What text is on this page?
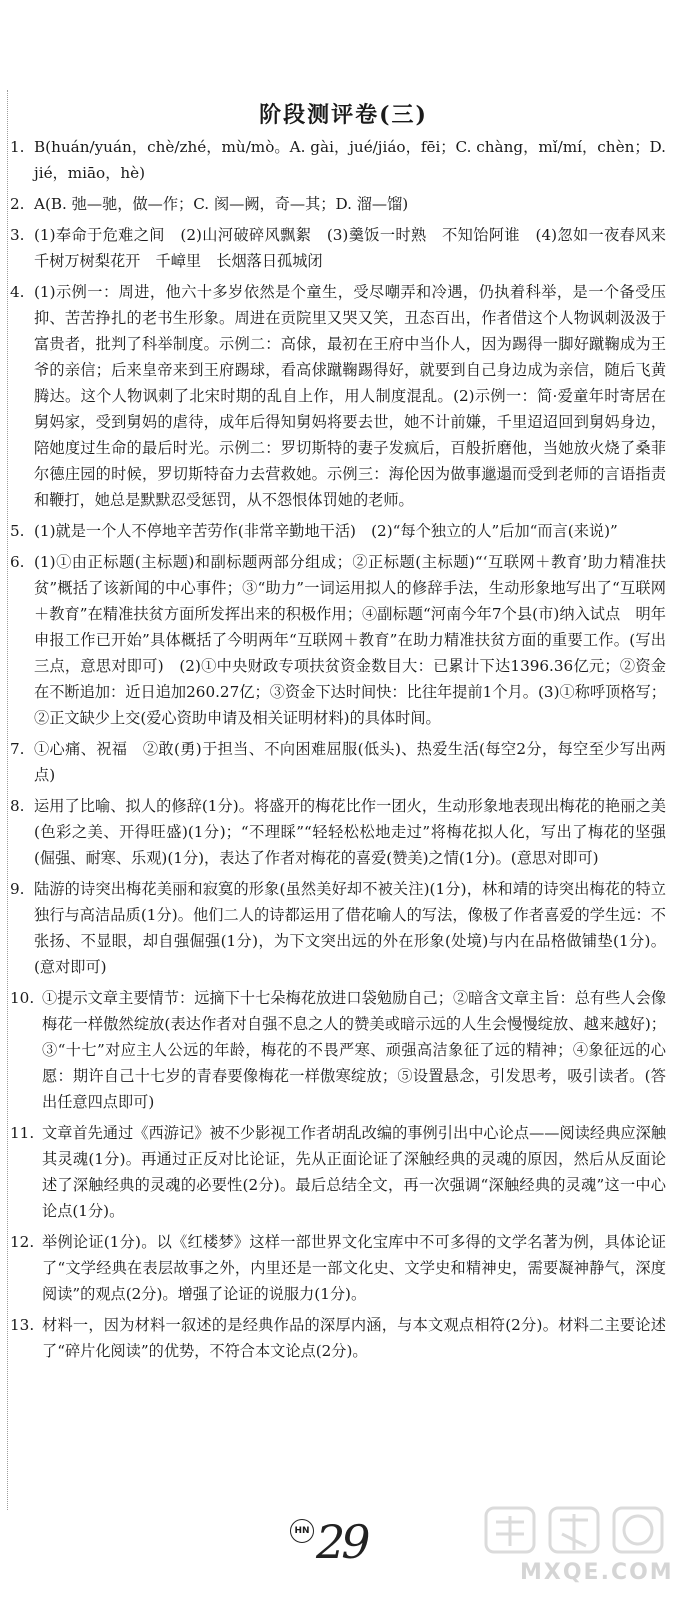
阶段测评卷(三)
1. B(huán/yuán，chè/zhé，mù/mò。A. gài，jué/jiáo，fēi；C. chàng，mǐ/mí，chèn；D. jié，miāo，hè)
2. A(B. 弛—驰，做—作；C. 阂—阙，奇—其；D. 溜—馏)
3. (1)奉命于危难之间　(2)山河破碎风飘絮　(3)羹饭一时熟　不知饴阿谁　(4)忽如一夜春风来　千树万树梨花开　千嶂里　长烟落日孤城闭
4. (1)示例一：周进，他六十多岁依然是个童生，受尽嘲弄和冷遇，仍执着科举，是一个备受压抑、苦苦挣扎的老书生形象。周进在贡院里又哭又笑，丑态百出，作者借这个人物讽刺汲汲于富贵者，批判了科举制度。示例二：高俅，最初在王府中当仆人，因为踢得一脚好蹴鞠成为王爷的亲信；后来皇帝来到王府踢球，看高俅蹴鞠踢得好，就要到自己身边成为亲信，随后飞黄腾达。这个人物讽刺了北宋时期的乱自上作，用人制度混乱。(2)示例一：简·爱童年时寄居在舅妈家，受到舅妈的虐待，成年后得知舅妈将要去世，她不计前嫌，千里迢迢回到舅妈身边，陪她度过生命的最后时光。示例二：罗切斯特的妻子发疯后，百般折磨他，当她放火烧了桑菲尔德庄园的时候，罗切斯特奋力去营救她。示例三：海伦因为做事邋遢而受到老师的言语指责和鞭打，她总是默默忍受惩罚，从不怨恨体罚她的老师。
5. (1)就是一个人不停地辛苦劳作(非常辛勤地干活)　(2)“每个独立的人”后加“而言(来说)”
6. (1)①由正标题(主标题)和副标题两部分组成；②正标题(主标题)“‘互联网＋教育’助力精准扶贫”概括了该新闻的中心事件；③“助力”一词运用拟人的修辞手法，生动形象地写出了“互联网＋教育”在精准扶贫方面所发挥出来的积极作用；④副标题“河南今年7个县(市)纳入试点　明年申报工作已开始”具体概括了今明两年“互联网＋教育”在助力精准扶贫方面的重要工作。(写出三点，意思对即可)　(2)①中央财政专项扶贫资金数目大：已累计下达1396.36亿元；②资金在不断追加：近日追加260.27亿；③资金下达时间快：比往年提前1个月。(3)①称呼顶格写；②正文缺少上交(爱心资助申请及相关证明材料)的具体时间。
7. ①心痛、祝福　②敢(勇)于担当、不向困难屈服(低头)、热爱生活(每空2分，每空至少写出两点)
8. 运用了比喻、拟人的修辞(1分)。将盛开的梅花比作一团火，生动形象地表现出梅花的艳丽之美(色彩之美、开得旺盛)(1分)；“不理睬”“轻轻松松地走过”将梅花拟人化，写出了梅花的坚强(倔强、耐寒、乐观)(1分)，表达了作者对梅花的喜爱(赞美)之情(1分)。(意思对即可)
9. 陆游的诗突出梅花美丽和寂寞的形象(虽然美好却不被关注)(1分)，林和靖的诗突出梅花的特立独行与高洁品质(1分)。他们二人的诗都运用了借花喻人的写法，像极了作者喜爱的学生远：不张扬、不显眼，却自强倔强(1分)，为下文突出远的外在形象(处境)与内在品格做铺垫(1分)。(意对即可)
10. ①提示文章主要情节：远摘下十七朵梅花放进口袋勉励自己；②暗含文章主旨：总有些人会像梅花一样傲然绽放(表达作者对自强不息之人的赞美或暗示远的人生会慢慢绽放、越来越好)；③“十七”对应主人公远的年龄，梅花的不畏严寒、顽强高洁象征了远的精神；④象征远的心愿：期许自己十七岁的青春要像梅花一样傲寒绽放；⑤设置悬念，引发思考，吸引读者。(答出任意四点即可)
11. 文章首先通过《西游记》被不少影视工作者胡乱改编的事例引出中心论点——阅读经典应深触其灵魂(1分)。再通过正反对比论证，先从正面论证了深触经典的灵魂的原因，然后从反面论述了深触经典的灵魂的必要性(2分)。最后总结全文，再一次强调“深触经典的灵魂”这一中心论点(1分)。
12. 举例论证(1分)。以《红楼梦》这样一部世界文化宝库中不可多得的文学名著为例，具体论证了“文学经典在表层故事之外，内里还是一部文化史、文学史和精神史，需要凝神静气，深度阅读”的观点(2分)。增强了论证的说服力(1分)。
13. 材料一，因为材料一叙述的是经典作品的深厚内涵，与本文观点相符(2分)。材料二主要论述了“碎片化阅读”的优势，不符合本文论点(2分)。
HN 29
MXQE.COM
